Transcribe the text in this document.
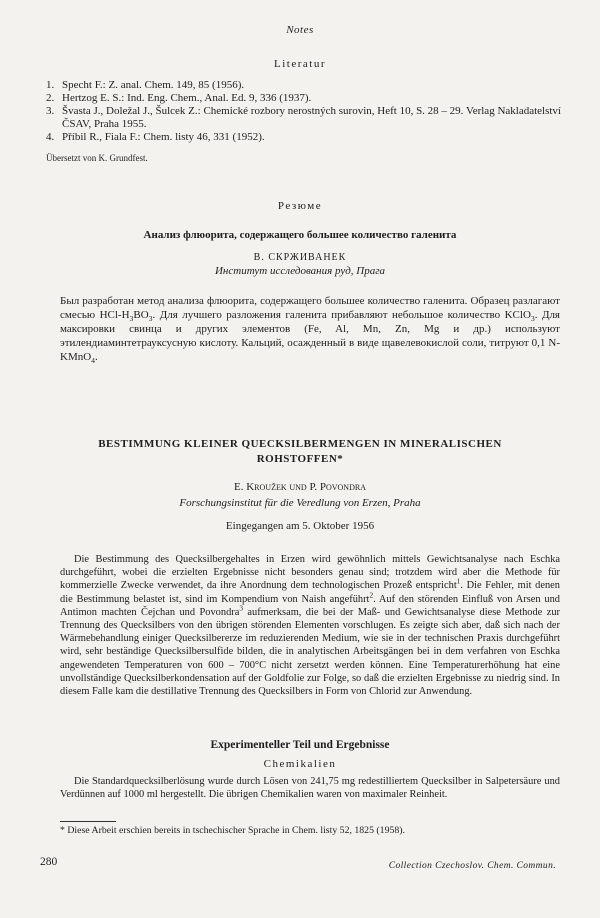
Notes
Literatur
1. Specht F.: Z. anal. Chem. 149, 85 (1956).
2. Hertzog E. S.: Ind. Eng. Chem., Anal. Ed. 9, 336 (1937).
3. Švasta J., Doležal J., Šulcek Z.: Chemické rozbory nerostných surovin, Heft 10, S. 28 – 29. Verlag Nakladatelství ČSAV, Praha 1955.
4. Příbil R., Fiala F.: Chem. listy 46, 331 (1952).
Übersetzt von K. Grundfest.
Резюме
Анализ флюорита, содержащего большее количество галенита
В. СКРЖИВАНЕК
Институт исследования руд, Прага
Был разработан метод анализа флюорита, содержащего большее количество галенита. Образец разлагают смесью HCl-$H_3BO_3$. Для лучшего разложения галенита прибавляют небольшое количество KClO$_3$. Для максировки свинца и других элементов (Fe, Al, Mn, Zn, Mg и др.) используют этилендиаминтетрауксусную кислоту. Кальций, осажденный в виде щавелевокислой соли, титруют 0,1 N-KMnO$_4$.
BESTIMMUNG KLEINER QUECKSILBERMENGEN IN MINERALISCHEN ROHSTOFFEN*
E. Kroužek und P. Povondra
Forschungsinstitut für die Veredlung von Erzen, Praha
Eingegangen am 5. Oktober 1956

Die Bestimmung des Quecksilbergehaltes in Erzen wird gewöhnlich mittels Gewichtsanalyse nach Eschka durchgeführt, wobei die erzielten Ergebnisse nicht besonders genau sind; trotzdem wird aber die Methode für kommerzielle Zwecke verwendet, da ihre Anordnung dem technologischen Prozeß entspricht$^1$. Die Fehler, mit denen die Bestimmung belastet ist, sind im Kompendium von Naish angeführt$^2$. Auf den störenden Einfluß von Arsen und Antimon machten Čejchan und Povondra$^3$ aufmerksam, die bei der Maß- und Gewichtsanalyse diese Methode zur Trennung des Quecksilbers von den übrigen störenden Elementen vorschlugen. Es zeigte sich aber, daß sich nach der Wärmebehandlung einiger Quecksilbererze im reduzierenden Medium, wie sie in der technischen Praxis durchgeführt wird, sehr beständige Quecksilbersulfide bilden, die in analytischen Arbeitsgängen bei in dem verfahren von Eschka angewendeten Temperaturen von 600 – 700°C nicht zersetzt werden können. Eine Temperaturerhöhung hat eine unvollständige Quecksilberkondensation auf der Goldfolie zur Folge, so daß die erzielten Ergebnisse zu niedrig sind. In diesem Falle kam die destillative Trennung des Quecksilbers in Form von Chlorid zur Anwendung.

Experimenteller Teil und Ergebnisse
Chemikalien

Die Standardquecksilberlösung wurde durch Lösen von 241,75 mg redestilliertem Quecksilber in Salpetersäure und Verdünnen auf 1000 ml hergestellt. Die übrigen Chemikalien waren von maximaler Reinheit.

* Diese Arbeit erschien bereits in tschechischer Sprache in Chem. listy 52, 1825 (1958).
280	Collection Czechoslov. Chem. Commun.
